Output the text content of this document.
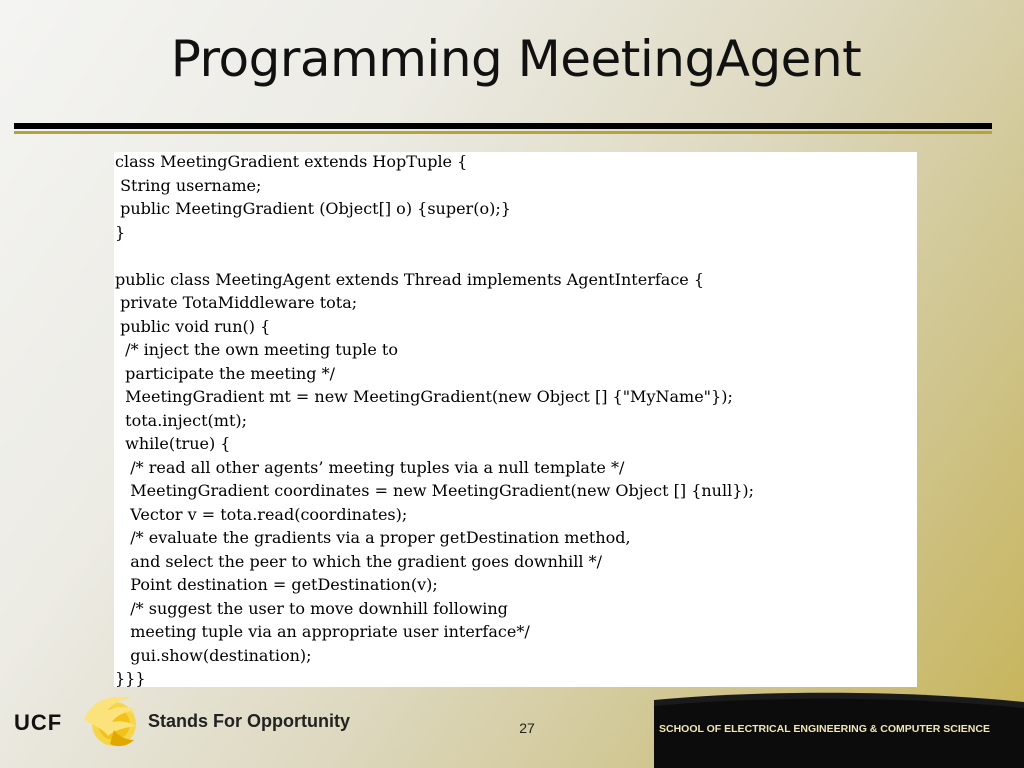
Programming MeetingAgent
class MeetingGradient extends HopTuple {
String username;
public MeetingGradient (Object[] o) {super(o);}
}
public class MeetingAgent extends Thread implements AgentInterface {
private TotaMiddleware tota;
public void run() {
/* inject the own meeting tuple to
participate the meeting */
MeetingGradient mt = new MeetingGradient(new Object [] {"MyName"});
tota.inject(mt);
while(true) {
/* read all other agents’ meeting tuples via a null template */
MeetingGradient coordinates = new MeetingGradient(new Object [] {null});
Vector v = tota.read(coordinates);
/* evaluate the gradients via a proper getDestination method,
and select the peer to which the gradient goes downhill */
Point destination = getDestination(v);
/* suggest the user to move downhill following
meeting tuple via an appropriate user interface*/
gui.show(destination);
}}}
UCF	Stands For Opportunity	27	SCHOOL OF ELECTRICAL ENGINEERING & COMPUTER SCIENCE
